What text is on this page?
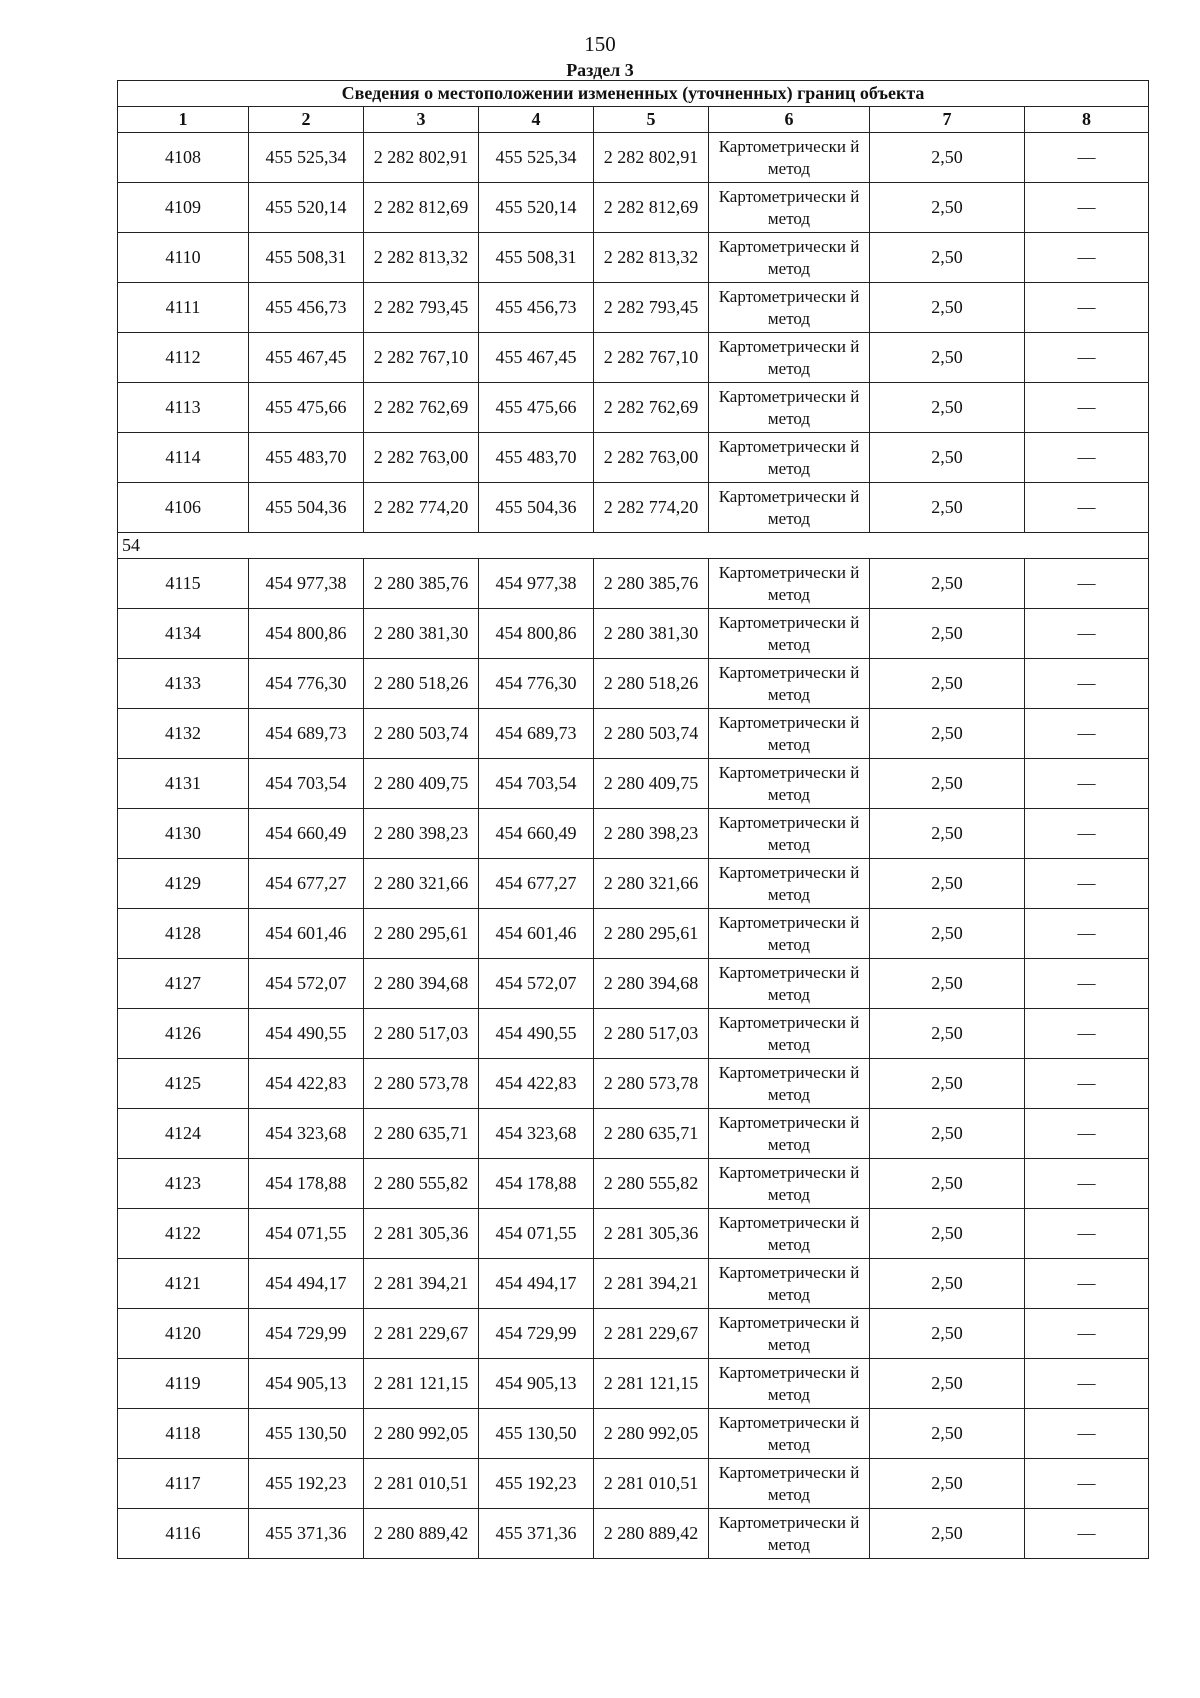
150
Раздел 3
Сведения о местоположении измененных (уточненных) границ объекта							
1	2	3	4	5	6	7	8
4108	455 525,34	2 282 802,91	455 525,34	2 282 802,91	Картометрически й метод	2,50	—
4109	455 520,14	2 282 812,69	455 520,14	2 282 812,69	Картометрически й метод	2,50	—
4110	455 508,31	2 282 813,32	455 508,31	2 282 813,32	Картометрически й метод	2,50	—
4111	455 456,73	2 282 793,45	455 456,73	2 282 793,45	Картометрически й метод	2,50	—
4112	455 467,45	2 282 767,10	455 467,45	2 282 767,10	Картометрически й метод	2,50	—
4113	455 475,66	2 282 762,69	455 475,66	2 282 762,69	Картометрически й метод	2,50	—
4114	455 483,70	2 282 763,00	455 483,70	2 282 763,00	Картометрически й метод	2,50	—
4106	455 504,36	2 282 774,20	455 504,36	2 282 774,20	Картометрически й метод	2,50	—
54							
4115	454 977,38	2 280 385,76	454 977,38	2 280 385,76	Картометрически й метод	2,50	—
4134	454 800,86	2 280 381,30	454 800,86	2 280 381,30	Картометрически й метод	2,50	—
4133	454 776,30	2 280 518,26	454 776,30	2 280 518,26	Картометрически й метод	2,50	—
4132	454 689,73	2 280 503,74	454 689,73	2 280 503,74	Картометрически й метод	2,50	—
4131	454 703,54	2 280 409,75	454 703,54	2 280 409,75	Картометрически й метод	2,50	—
4130	454 660,49	2 280 398,23	454 660,49	2 280 398,23	Картометрически й метод	2,50	—
4129	454 677,27	2 280 321,66	454 677,27	2 280 321,66	Картометрически й метод	2,50	—
4128	454 601,46	2 280 295,61	454 601,46	2 280 295,61	Картометрически й метод	2,50	—
4127	454 572,07	2 280 394,68	454 572,07	2 280 394,68	Картометрически й метод	2,50	—
4126	454 490,55	2 280 517,03	454 490,55	2 280 517,03	Картометрически й метод	2,50	—
4125	454 422,83	2 280 573,78	454 422,83	2 280 573,78	Картометрически й метод	2,50	—
4124	454 323,68	2 280 635,71	454 323,68	2 280 635,71	Картометрически й метод	2,50	—
4123	454 178,88	2 280 555,82	454 178,88	2 280 555,82	Картометрически й метод	2,50	—
4122	454 071,55	2 281 305,36	454 071,55	2 281 305,36	Картометрически й метод	2,50	—
4121	454 494,17	2 281 394,21	454 494,17	2 281 394,21	Картометрически й метод	2,50	—
4120	454 729,99	2 281 229,67	454 729,99	2 281 229,67	Картометрически й метод	2,50	—
4119	454 905,13	2 281 121,15	454 905,13	2 281 121,15	Картометрически й метод	2,50	—
4118	455 130,50	2 280 992,05	455 130,50	2 280 992,05	Картометрически й метод	2,50	—
4117	455 192,23	2 281 010,51	455 192,23	2 281 010,51	Картометрически й метод	2,50	—
4116	455 371,36	2 280 889,42	455 371,36	2 280 889,42	Картометрически й метод	2,50	—
